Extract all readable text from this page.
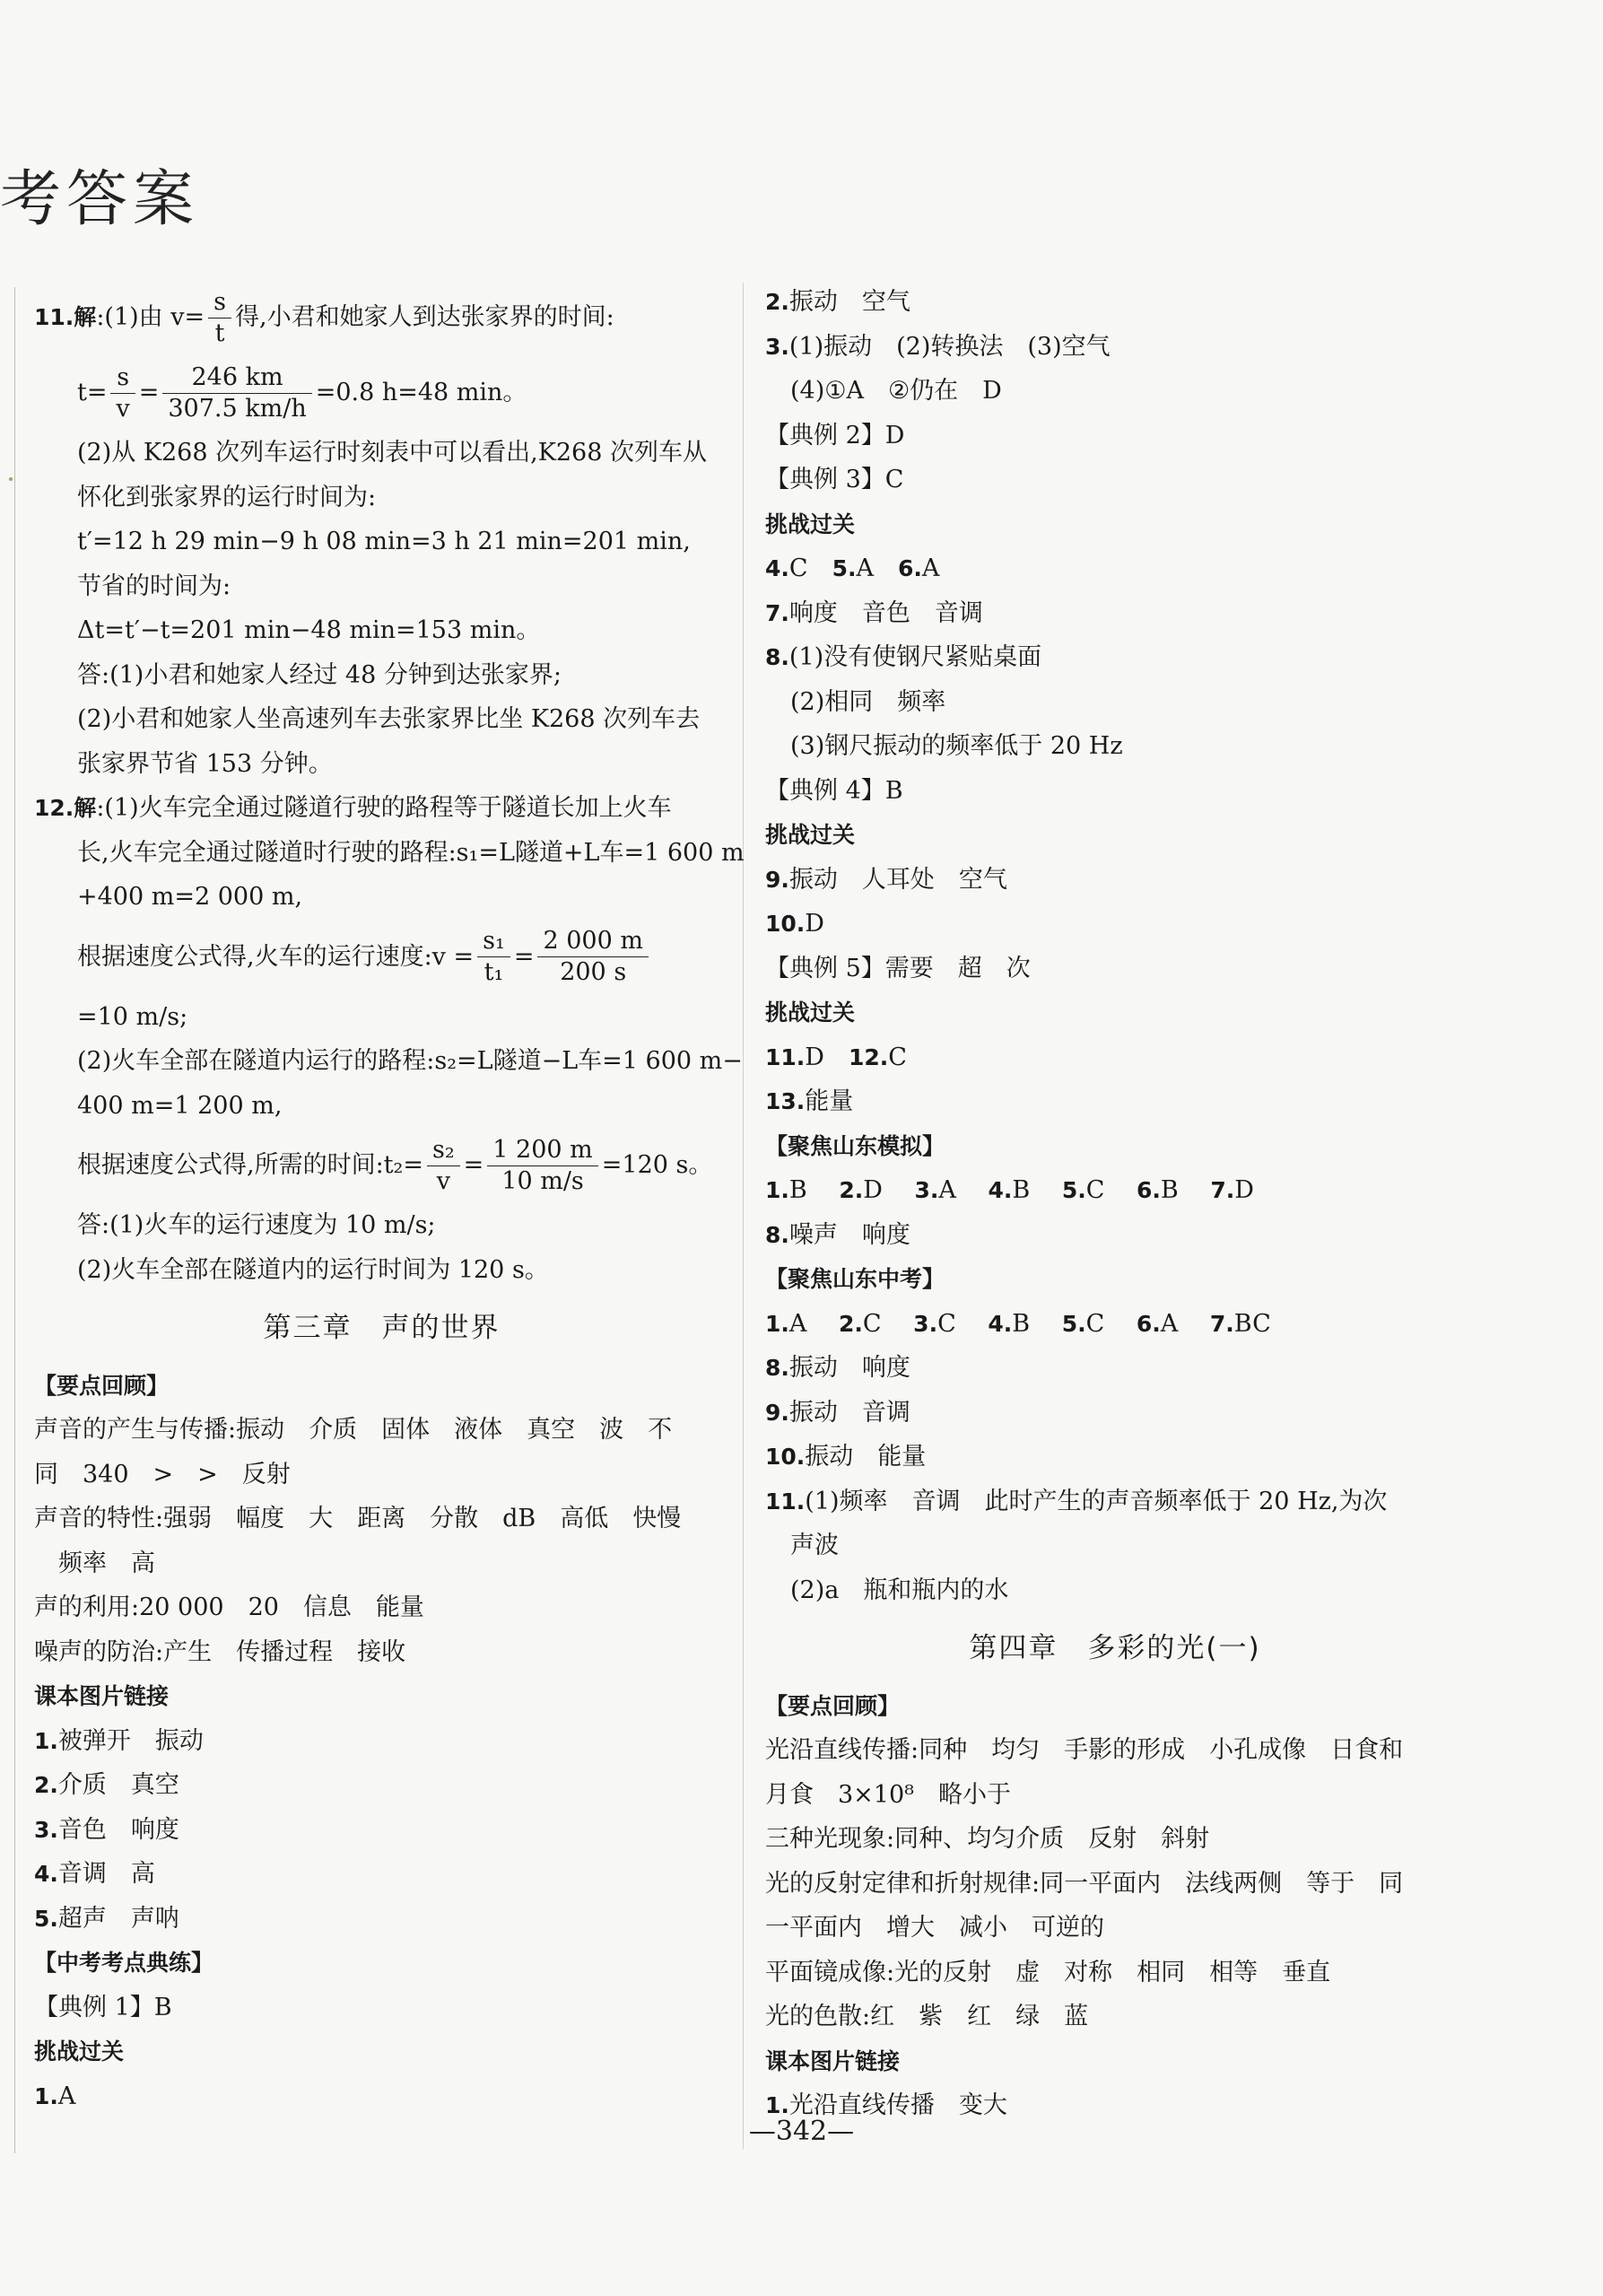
考答案
11. 解 :(1)由 $v= \frac{s}{t}$ 得,小君和她家人到达张家界的时间:
$t= \frac{s}{v} = \frac{246 km}{307.5 km/h} =0.8$ h=48 min。
(2)从 K268 次列车运行时刻表中可以看出,K268 次列车从
怀化到张家界的运行时间为:
t′=12 h 29 min−9 h 08 min=3 h 21 min=201 min,
节省的时间为:
Δt=t′−t=201 min−48 min=153 min。
答:(1)小君和她家人经过 48 分钟到达张家界;
(2)小君和她家人坐高速列车去张家界比坐 K268 次列车去
张家界节省 153 分钟。
12.解:(1)火车完全通过隧道行驶的路程等于隧道长加上火车
长,火车完全通过隧道时行驶的路程:s₁=L隧道+L车=1 600 m
+400 m=2 000 m,
根据速度公式得,火车的运行速度:v = $\frac{\text{s₁}}{\text{t₁}} = \frac{2 000 m}{200 s}$
=10 m/s;
(2)火车全部在隧道内运行的路程:s₂=L隧道−L车=1 600 m−
400 m=1 200 m,
根据速度公式得,所需的时间:t₂= $\frac{\text{s₂}}{v} = \frac{1 200 m}{10 m/s} =120$ s。
答:(1)火车的运行速度为 10 m/s;
(2)火车全部在隧道内的运行时间为 120 s。
第三章　声的世界
【要点回顾】
声音的产生与传播:振动　介质　固体　液体　真空　波　不
同　340　>　>　反射
声音的特性:强弱　幅度　大　距离　分散　dB　高低　快慢
　频率　高
声的利用:20 000　20　信息　能量
噪声的防治:产生　传播过程　接收
课本图片链接
1.被弹开　振动
2.介质　真空
3.音色　响度
4.音调　高
5.超声　声呐
【中考考点典练】
【典例 1】B
挑战过关
1.A
2.振动　空气
3.(1)振动　(2)转换法　(3)空气
(4)①A　②仍在　D
【典例 2】D
【典例 3】C
挑战过关
4.C　 5.A　 6.A
7.响度　音色　音调
8.(1)没有使钢尺紧贴桌面
(2)相同　频率
(3)钢尺振动的频率低于 20 Hz
【典例 4】B
挑战过关
9.振动　人耳处　空气
10.D
【典例 5】需要　超　次
挑战过关
11.D　 12.C
13.能量
【聚焦山东模拟】
1.B　 2.D　 3.A　 4.B　 5.C　 6.B　 7.D
8.噪声　响度
【聚焦山东中考】
1.A　 2.C　 3.C　 4.B　 5.C　 6.A　 7.BC
8.振动　响度
9.振动　音调
10.振动　能量
11.(1)频率　音调　此时产生的声音频率低于 20 Hz,为次
声波
(2)a　瓶和瓶内的水
第四章　多彩的光(一)
【要点回顾】
光沿直线传播:同种　均匀　手影的形成　小孔成像　日食和
月食　3×10⁸　略小于
三种光现象:同种、均匀介质　反射　斜射
光的反射定律和折射规律:同一平面内　法线两侧　等于　同
一平面内　增大　减小　可逆的
平面镜成像:光的反射　虚　对称　相同　相等　垂直
光的色散:红　紫　红　绿　蓝
课本图片链接
1.光沿直线传播　变大
—342—
